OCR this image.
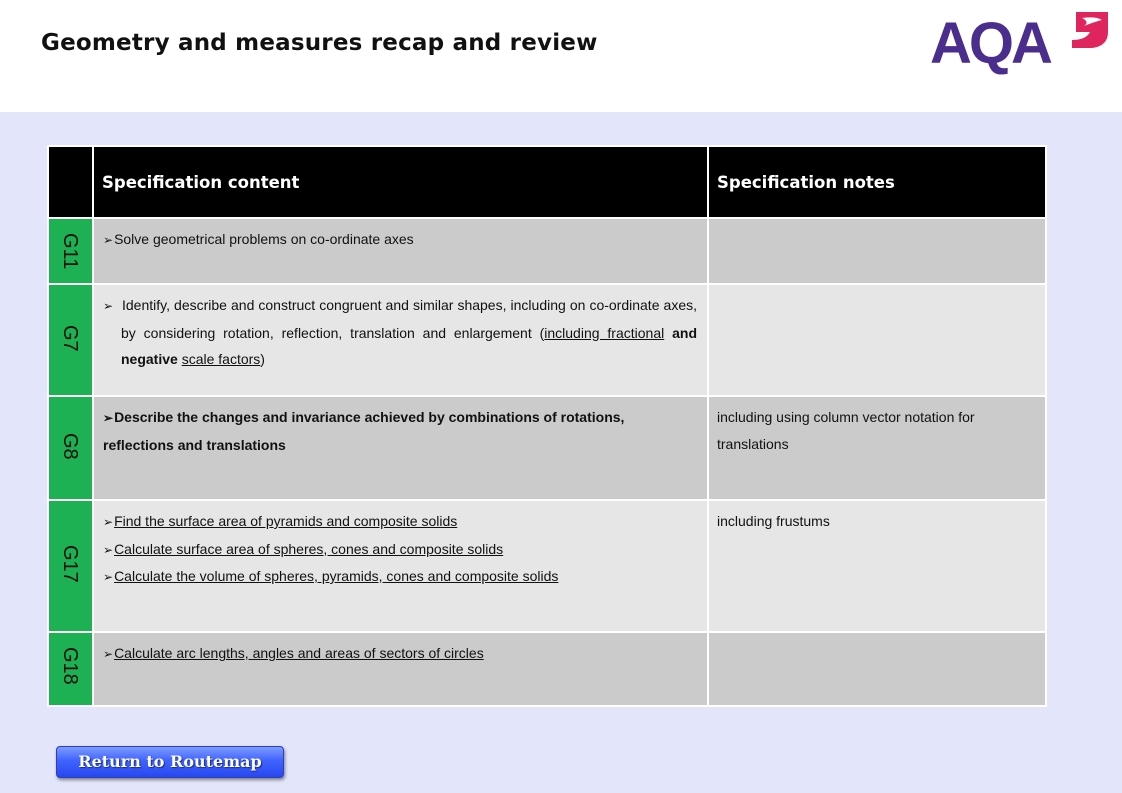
Geometry and measures recap and review	AQA
	Specification content	Specification notes

G11	➢Solve geometrical problems on co-ordinate axes	

G7	➢ Identify, describe and construct congruent and similar shapes, including on co-ordinate axes, by considering rotation, reflection, translation and enlargement (including fractional and negative scale factors)	

G8	➢Describe the changes and invariance achieved by combinations of rotations, reflections and translations	including using column vector notation for translations

G17	➢Find the surface area of pyramids and composite solids
➢Calculate surface area of spheres, cones and composite solids
➢Calculate the volume of spheres, pyramids, cones and composite solids	including frustums

G18	➢Calculate arc lengths, angles and areas of sectors of circles	

Return to Routemap
